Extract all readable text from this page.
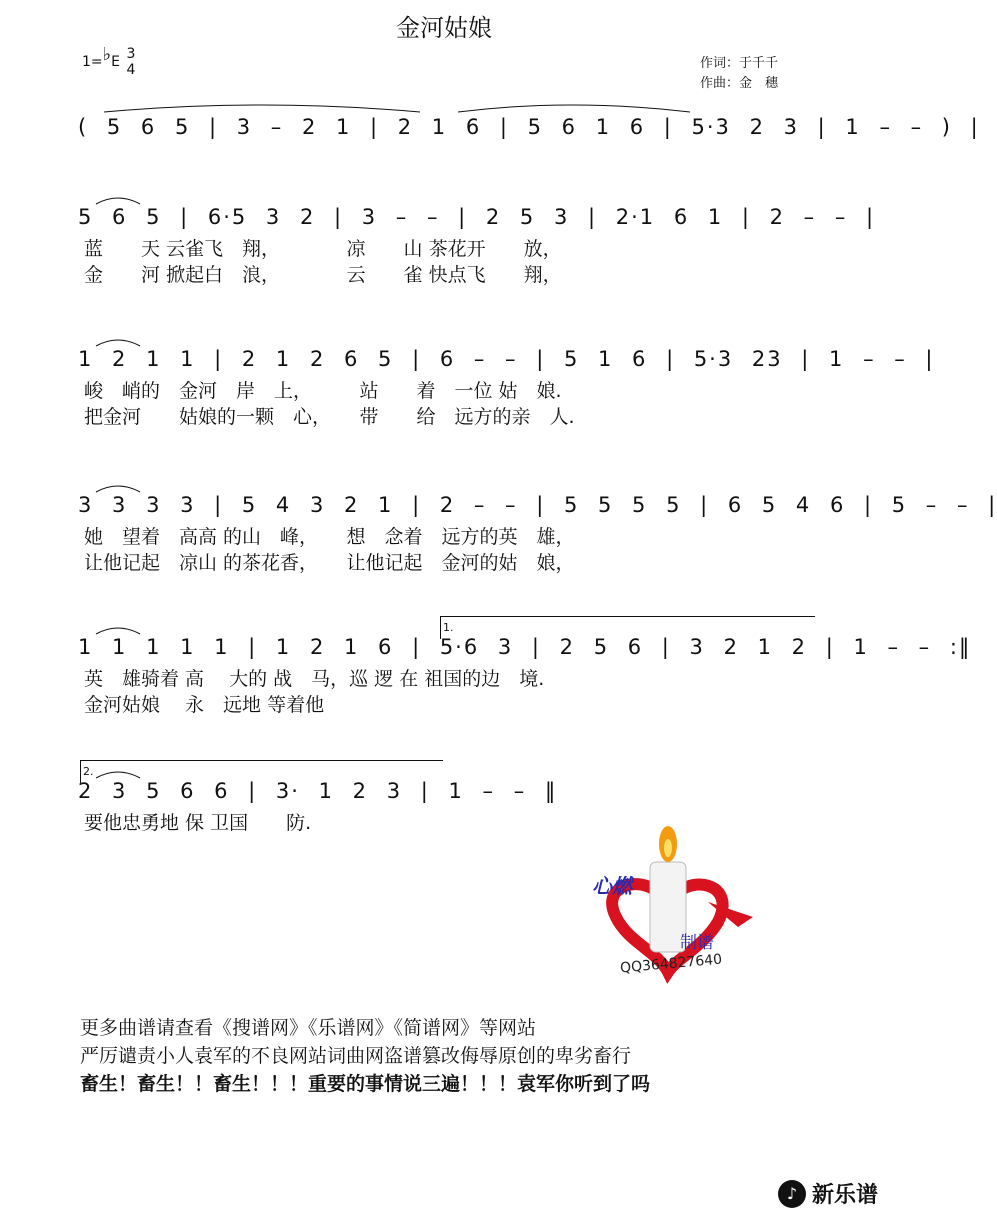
金河姑娘
1=♭E 3
4	作词：于千千
作曲：金　穗
( 5 6 5 | 3 – 2 1 | 2 1 6 | 5 6 1 6 | 5·3 2 3 | 1 – – ) |
5 6 5 | 6·5 3 2 | 3 – – | 2 5 3 | 2·1 6 1 | 2 – – |
蓝　　天 云雀飞　翔，　　　　凉　　山 茶花开　　放，
金　　河 掀起白　浪，　　　　云　　雀 快点飞　　翔，
1 2 1 1 | 2 1 2 6 5 | 6 – – | 5 1 6 | 5·3 23 | 1 – – |
峻　峭的　金河　岸　上，　　　站　　着　一位 姑　娘.
把金河　　姑娘的一颗　心，　　带　　给　远方的亲　人.
3 3 3 3 | 5 4 3 2 1 | 2 – – | 5 5 5 5 | 6 5 4 6 | 5 – – |
她　望着　高高 的山　峰，　　想　念着　远方的英　雄，
让他记起　凉山 的茶花香，　　让他记起　金河的姑　娘，
1 1 1 1 1 | 1 2 1 6 | 5·6 3 | 2 5 6 | 3 2 1 2 | 1 – – :‖
1.
英　雄骑着 高　 大的 战　马，巡 逻 在 祖国的边　境.
金河姑娘　 永　远地 等着他
2 3 5 6 6 | 3· 1 2 3 | 1 – – ‖
2.
要他忠勇地 保 卫国　　防.
心燃
制谱
QQ364827640
更多曲谱请查看《搜谱网》《乐谱网》《简谱网》等网站
严厉谴责小人袁军的不良网站词曲网盗谱篡改侮辱原创的卑劣畜行
畜生！畜生！！畜生！！！重要的事情说三遍！！！袁军你听到了吗
♪ 新乐谱
